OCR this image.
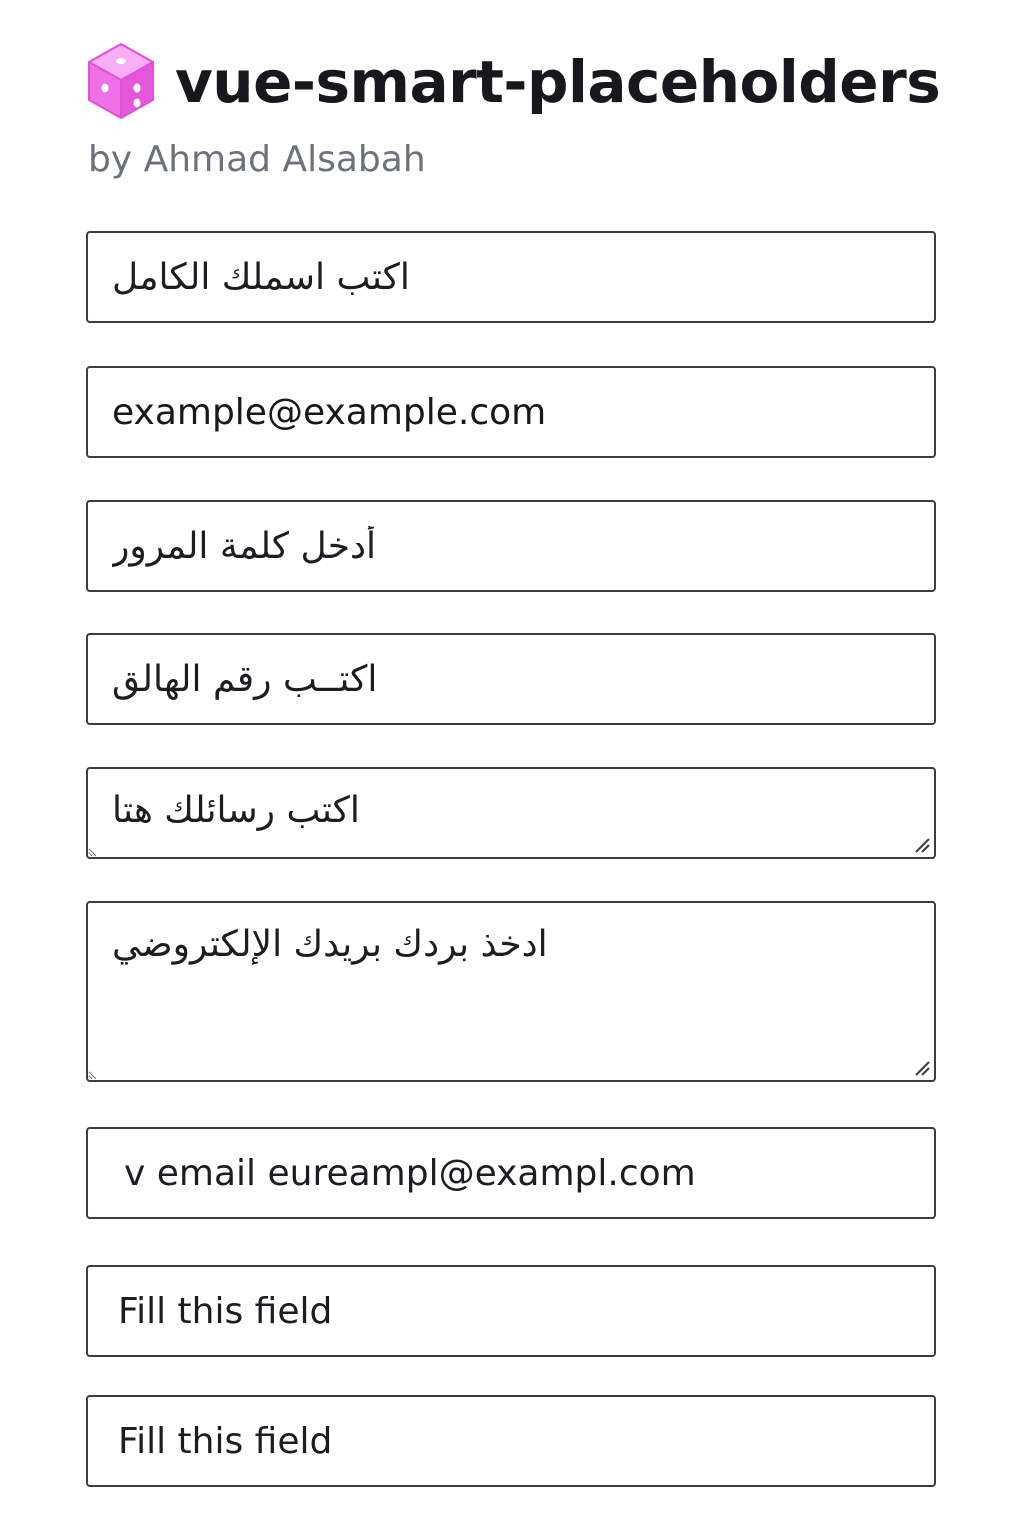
vue-smart-placeholders
by Ahmad Alsabah
اكتب اسملك الكامل
example@example.com
أدخل كلمة المرور
اكتــب رقم الهالق
اكتب رسائلك هتا
ادخذ بردك بريدك الإلكتروضي
v email eureampl@exampl.com
Fill this field
Fill this field
